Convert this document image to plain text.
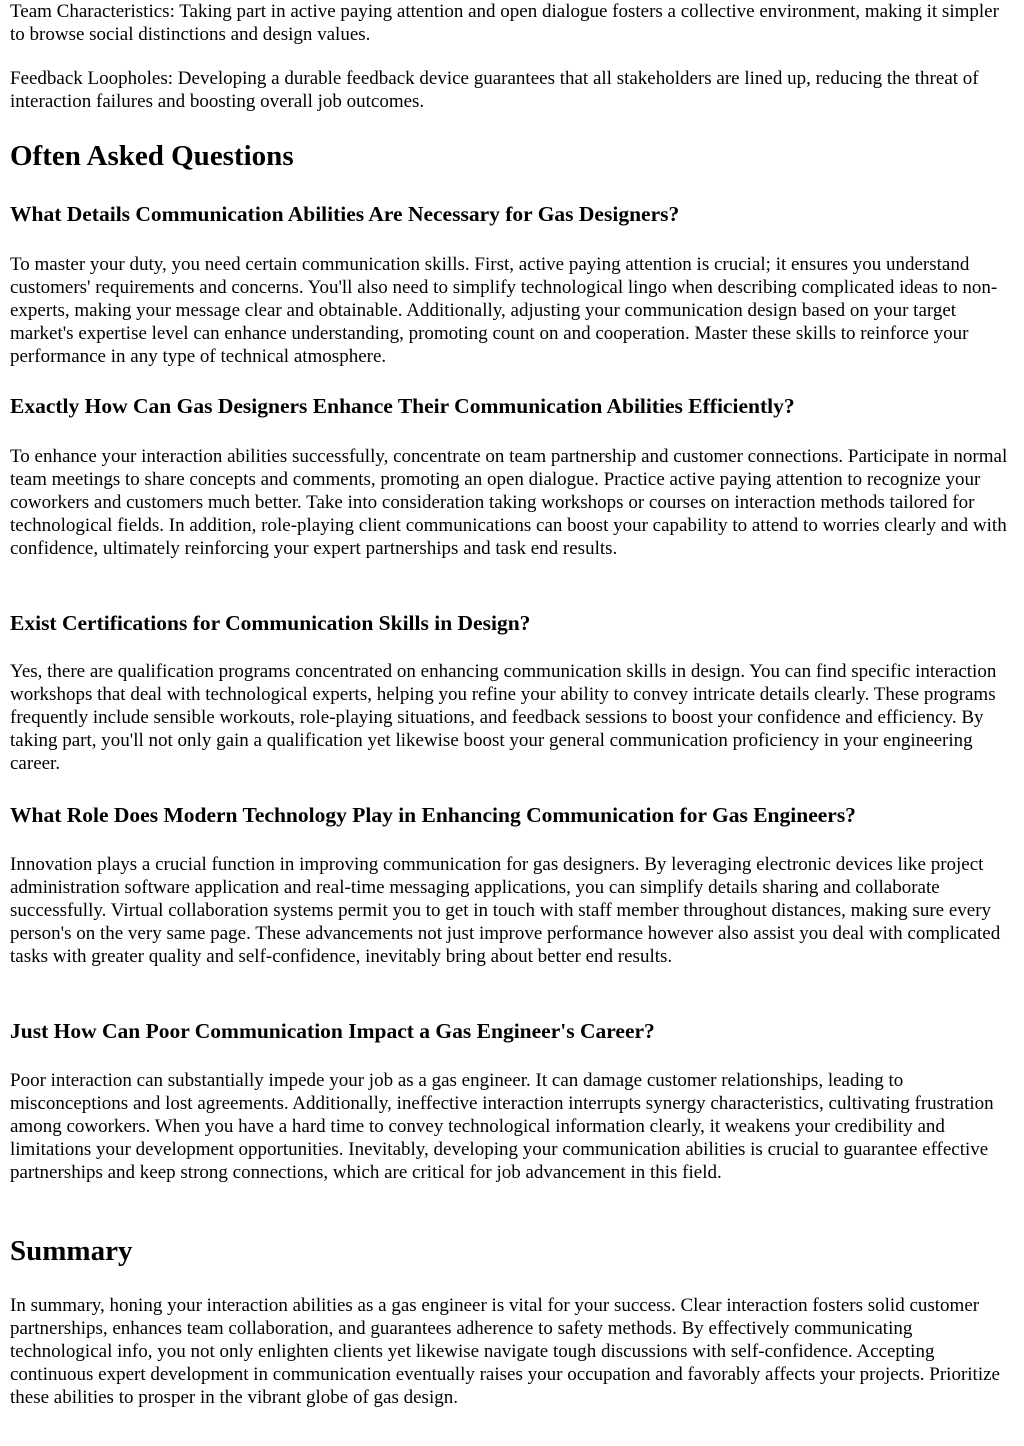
Team Characteristics: Taking part in active paying attention and open dialogue fosters a collective environment, making it simpler to browse social distinctions and design values.

Feedback Loopholes: Developing a durable feedback device guarantees that all stakeholders are lined up, reducing the threat of interaction failures and boosting overall job outcomes.

Often Asked Questions
What Details Communication Abilities Are Necessary for Gas Designers?

To master your duty, you need certain communication skills. First, active paying attention is crucial; it ensures you understand customers' requirements and concerns. You'll also need to simplify technological lingo when describing complicated ideas to non-experts, making your message clear and obtainable. Additionally, adjusting your communication design based on your target market's expertise level can enhance understanding, promoting count on and cooperation. Master these skills to reinforce your performance in any type of technical atmosphere.

Exactly How Can Gas Designers Enhance Their Communication Abilities Efficiently?

To enhance your interaction abilities successfully, concentrate on team partnership and customer connections. Participate in normal team meetings to share concepts and comments, promoting an open dialogue. Practice active paying attention to recognize your coworkers and customers much better. Take into consideration taking workshops or courses on interaction methods tailored for technological fields. In addition, role-playing client communications can boost your capability to attend to worries clearly and with confidence, ultimately reinforcing your expert partnerships and task end results.

Exist Certifications for Communication Skills in Design?

Yes, there are qualification programs concentrated on enhancing communication skills in design. You can find specific interaction workshops that deal with technological experts, helping you refine your ability to convey intricate details clearly. These programs frequently include sensible workouts, role-playing situations, and feedback sessions to boost your confidence and efficiency. By taking part, you'll not only gain a qualification yet likewise boost your general communication proficiency in your engineering career.

What Role Does Modern Technology Play in Enhancing Communication for Gas Engineers?

Innovation plays a crucial function in improving communication for gas designers. By leveraging electronic devices like project administration software application and real-time messaging applications, you can simplify details sharing and collaborate successfully. Virtual collaboration systems permit you to get in touch with staff member throughout distances, making sure every person's on the very same page. These advancements not just improve performance however also assist you deal with complicated tasks with greater quality and self-confidence, inevitably bring about better end results.

Just How Can Poor Communication Impact a Gas Engineer's Career?

Poor interaction can substantially impede your job as a gas engineer. It can damage customer relationships, leading to misconceptions and lost agreements. Additionally, ineffective interaction interrupts synergy characteristics, cultivating frustration among coworkers. When you have a hard time to convey technological information clearly, it weakens your credibility and limitations your development opportunities. Inevitably, developing your communication abilities is crucial to guarantee effective partnerships and keep strong connections, which are critical for job advancement in this field.

Summary

In summary, honing your interaction abilities as a gas engineer is vital for your success. Clear interaction fosters solid customer partnerships, enhances team collaboration, and guarantees adherence to safety methods. By effectively communicating technological info, you not only enlighten clients yet likewise navigate tough discussions with self-confidence. Accepting continuous expert development in communication eventually raises your occupation and favorably affects your projects. Prioritize these abilities to prosper in the vibrant globe of gas design.
